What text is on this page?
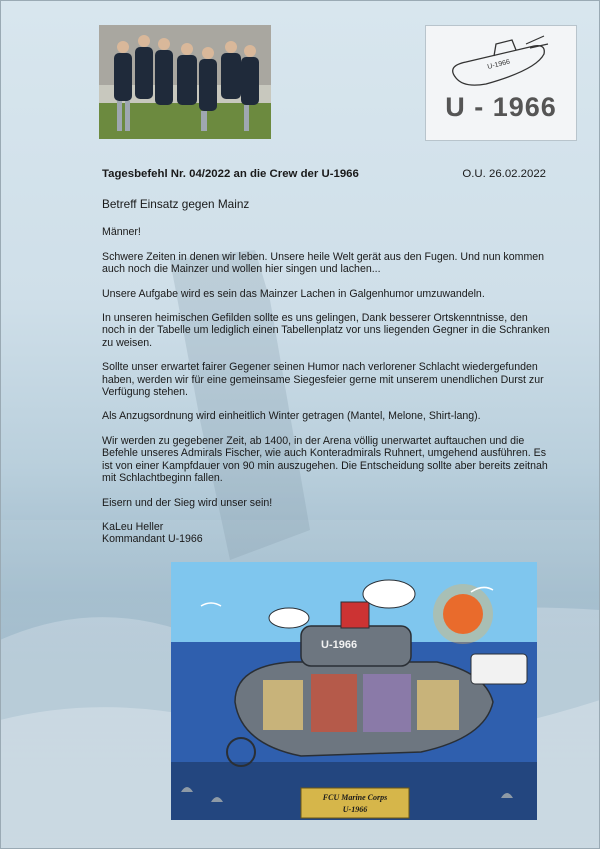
U-1966
U - 1966
Tagesbefehl Nr. 04/2022 an die Crew der U-1966	O.U. 26.02.2022
Betreff Einsatz gegen Mainz
Männer!

Schwere Zeiten in denen wir leben. Unsere heile Welt gerät aus den Fugen. Und nun kommen auch noch die Mainzer und wollen hier singen und lachen...

Unsere Aufgabe wird es sein das Mainzer Lachen in Galgenhumor umzuwandeln.

In unseren heimischen Gefilden sollte es uns gelingen, Dank besserer Ortskenntnisse, den noch in der Tabelle um lediglich einen Tabellenplatz vor uns liegenden Gegner in die Schranken zu weisen.

Sollte unser erwartet fairer Gegener seinen Humor nach verlorener Schlacht wiedergefunden haben, werden wir für eine gemeinsame Siegesfeier gerne mit unserem unendlichen Durst zur Verfügung stehen.

Als Anzugsordnung wird einheitlich Winter getragen (Mantel, Melone, Shirt-lang).

Wir werden zu gegebener Zeit, ab 1400, in der Arena völlig unerwartet auftauchen und die Befehle unseres Admirals Fischer, wie auch Konteradmirals Ruhnert, umgehend ausführen. Es ist von einer Kampfdauer von 90 min auszugehen. Die Entscheidung sollte aber bereits zeitnah mit Schlachtbeginn fallen.

Eisern und der Sieg wird unser sein!

KaLeu Heller
Kommandant U-1966
U-1966
FCU Marine Corps
U-1966
